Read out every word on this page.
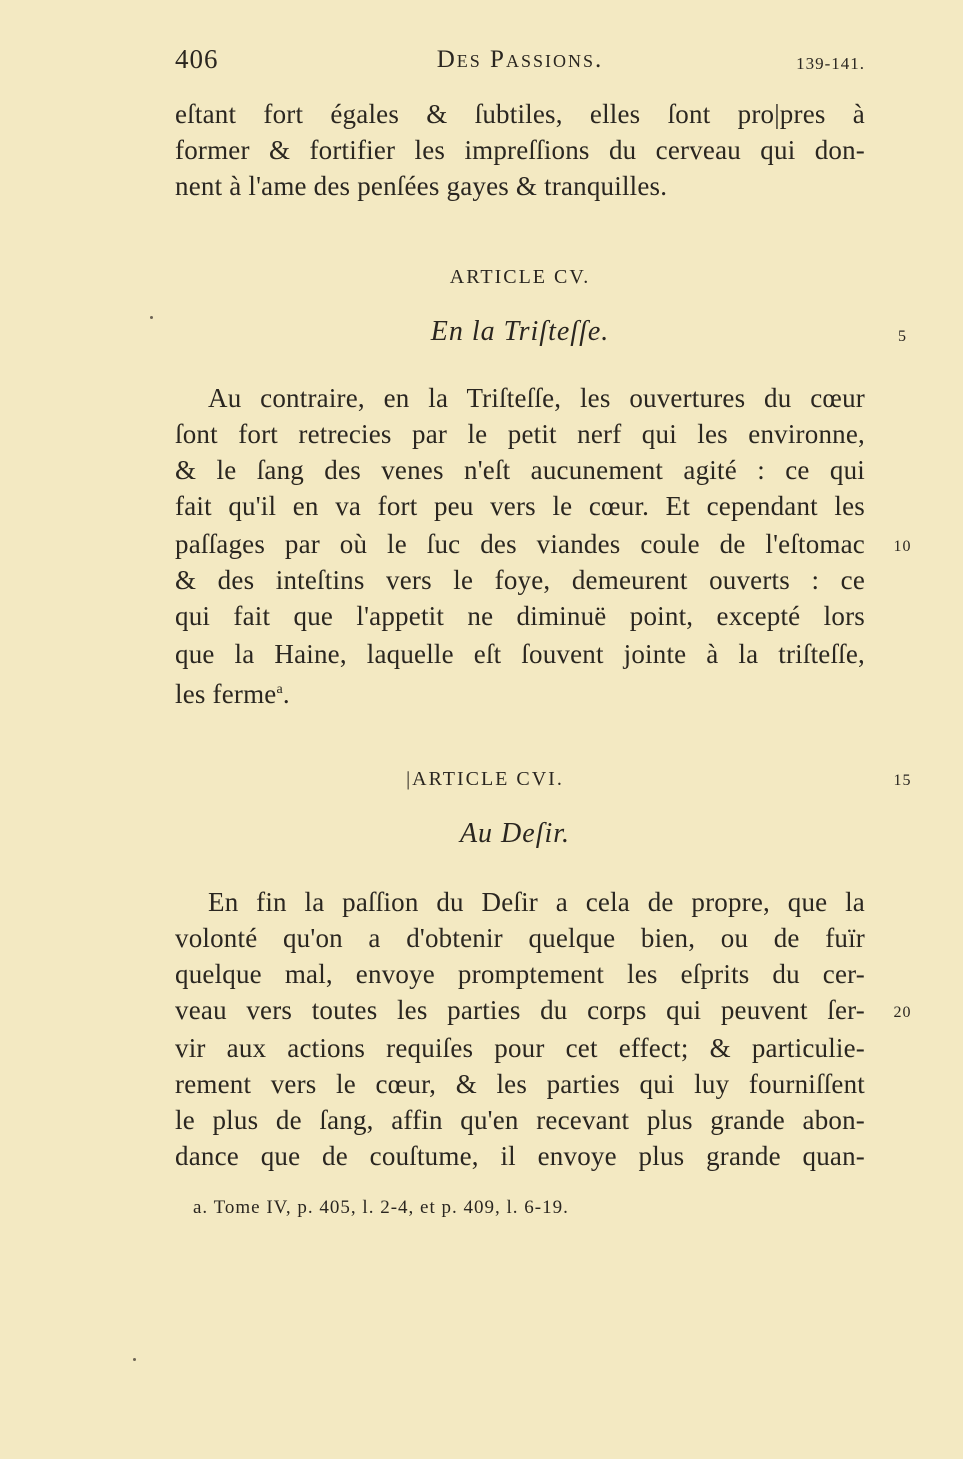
406	Des Passions.	139-141.
eſtant fort égales & ſubtiles, elles ſont pro|pres à
former & fortifier les impreſſions du cerveau qui don-
nent à l'ame des penſées gayes & tranquilles.
ARTICLE CV.
En la Triſteſſe.	5
Au contraire, en la Triſteſſe, les ouvertures du cœur
ſont fort retrecies par le petit nerf qui les environne,
& le ſang des venes n'eſt aucunement agité : ce qui
fait qu'il en va fort peu vers le cœur. Et cependant les
paſſages par où le ſuc des viandes coule de l'eſtomac	10
& des inteſtins vers le foye, demeurent ouverts : ce
qui fait que l'appetit ne diminuë point, excepté lors
que la Haine, laquelle eſt ſouvent jointe à la triſteſſe,
les ferme$^a$.
|ARTICLE CVI.	15
Au Deſir.
En fin la paſſion du Deſir a cela de propre, que la
volonté qu'on a d'obtenir quelque bien, ou de fuïr
quelque mal, envoye promptement les eſprits du cer-
veau vers toutes les parties du corps qui peuvent ſer-	20
vir aux actions requiſes pour cet effect; & particulie-
rement vers le cœur, & les parties qui luy fourniſſent
le plus de ſang, affin qu'en recevant plus grande abon-
dance que de couſtume, il envoye plus grande quan-
a. Tome IV, p. 405, l. 2-4, et p. 409, l. 6-19.
